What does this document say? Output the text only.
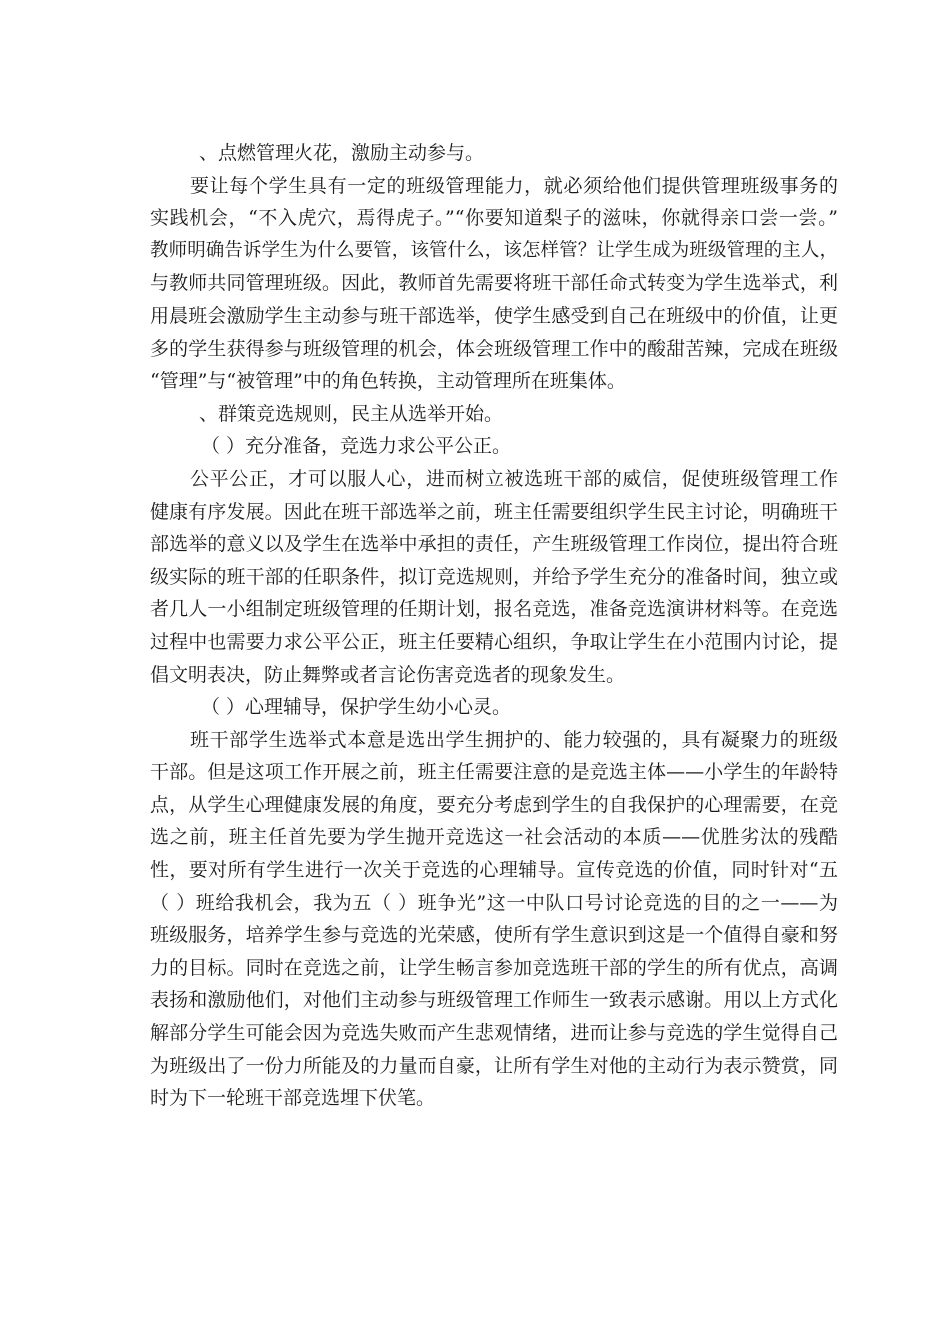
、点燃管理火花，激励主动参与。

要让每个学生具有一定的班级管理能力，就必须给他们提供管理班级事务的

实践机会，“不入虎穴，焉得虎子。”“你要知道梨子的滋味，你就得亲口尝一尝。”

教师明确告诉学生为什么要管，该管什么，该怎样管？让学生成为班级管理的主人，

与教师共同管理班级。因此，教师首先需要将班干部任命式转变为学生选举式，利

用晨班会激励学生主动参与班干部选举，使学生感受到自己在班级中的价值，让更

多的学生获得参与班级管理的机会，体会班级管理工作中的酸甜苦辣，完成在班级

“管理”与“被管理”中的角色转换，主动管理所在班集体。

、群策竞选规则，民主从选举开始。

（ ）充分准备，竞选力求公平公正。

公平公正，才可以服人心，进而树立被选班干部的威信，促使班级管理工作

健康有序发展。因此在班干部选举之前，班主任需要组织学生民主讨论，明确班干

部选举的意义以及学生在选举中承担的责任，产生班级管理工作岗位，提出符合班

级实际的班干部的任职条件，拟订竞选规则，并给予学生充分的准备时间，独立或

者几人一小组制定班级管理的任期计划，报名竞选，准备竞选演讲材料等。在竞选

过程中也需要力求公平公正，班主任要精心组织，争取让学生在小范围内讨论，提

倡文明表决，防止舞弊或者言论伤害竞选者的现象发生。

（ ）心理辅导，保护学生幼小心灵。

班干部学生选举式本意是选出学生拥护的、能力较强的，具有凝聚力的班级

干部。但是这项工作开展之前，班主任需要注意的是竞选主体——小学生的年龄特

点，从学生心理健康发展的角度，要充分考虑到学生的自我保护的心理需要，在竞

选之前，班主任首先要为学生抛开竞选这一社会活动的本质——优胜劣汰的残酷

性，要对所有学生进行一次关于竞选的心理辅导。宣传竞选的价值，同时针对“五

（ ）班给我机会，我为五（ ）班争光”这一中队口号讨论竞选的目的之一——为

班级服务，培养学生参与竞选的光荣感，使所有学生意识到这是一个值得自豪和努

力的目标。同时在竞选之前，让学生畅言参加竞选班干部的学生的所有优点，高调

表扬和激励他们，对他们主动参与班级管理工作师生一致表示感谢。用以上方式化

解部分学生可能会因为竞选失败而产生悲观情绪，进而让参与竞选的学生觉得自己

为班级出了一份力所能及的力量而自豪，让所有学生对他的主动行为表示赞赏，同

时为下一轮班干部竞选埋下伏笔。
